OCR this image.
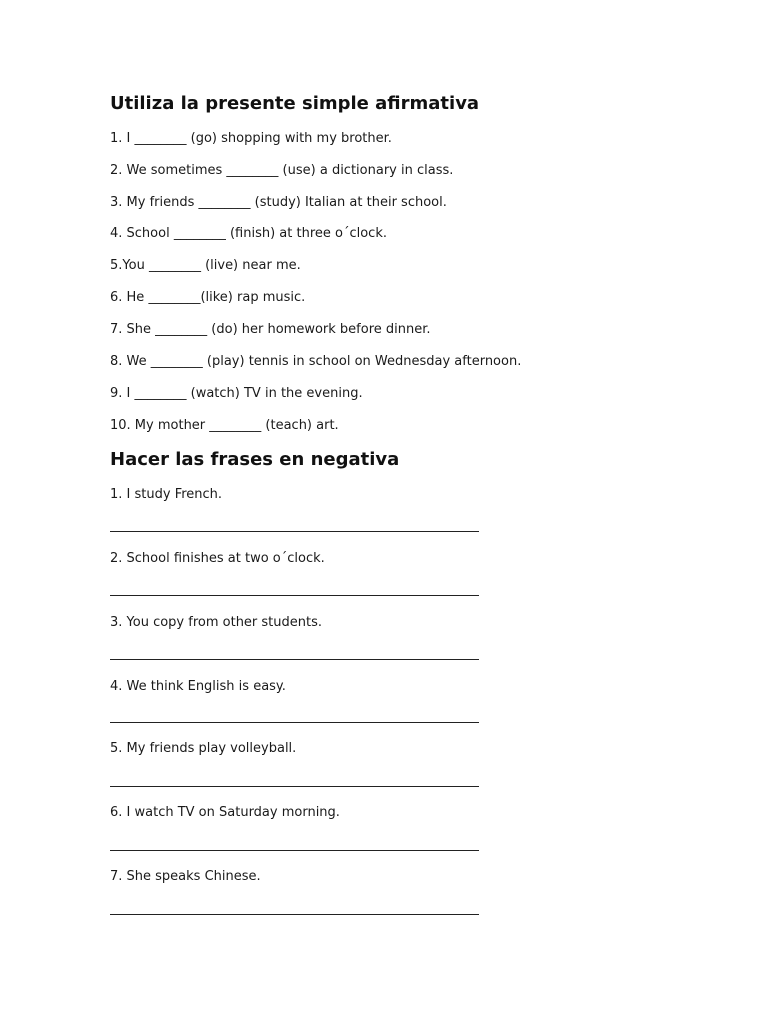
Utiliza la presente simple afirmativa

1. I ________ (go) shopping with my brother.

2. We sometimes ________ (use) a dictionary in class.

3. My friends ________ (study) Italian at their school.

4. School ________ (finish) at three o´clock.

5.You ________ (live) near me.

6. He ________(like) rap music.

7. She ________ (do) her homework before dinner.

8. We ________ (play) tennis in school on Wednesday afternoon.

9. I ________ (watch) TV in the evening.

10. My mother ________ (teach) art.

Hacer las frases en negativa

1. I study French.

2. School finishes at two o´clock.

3. You copy from other students.

4. We think English is easy.

5. My friends play volleyball.

6. I watch TV on Saturday morning.

7. She speaks Chinese.
